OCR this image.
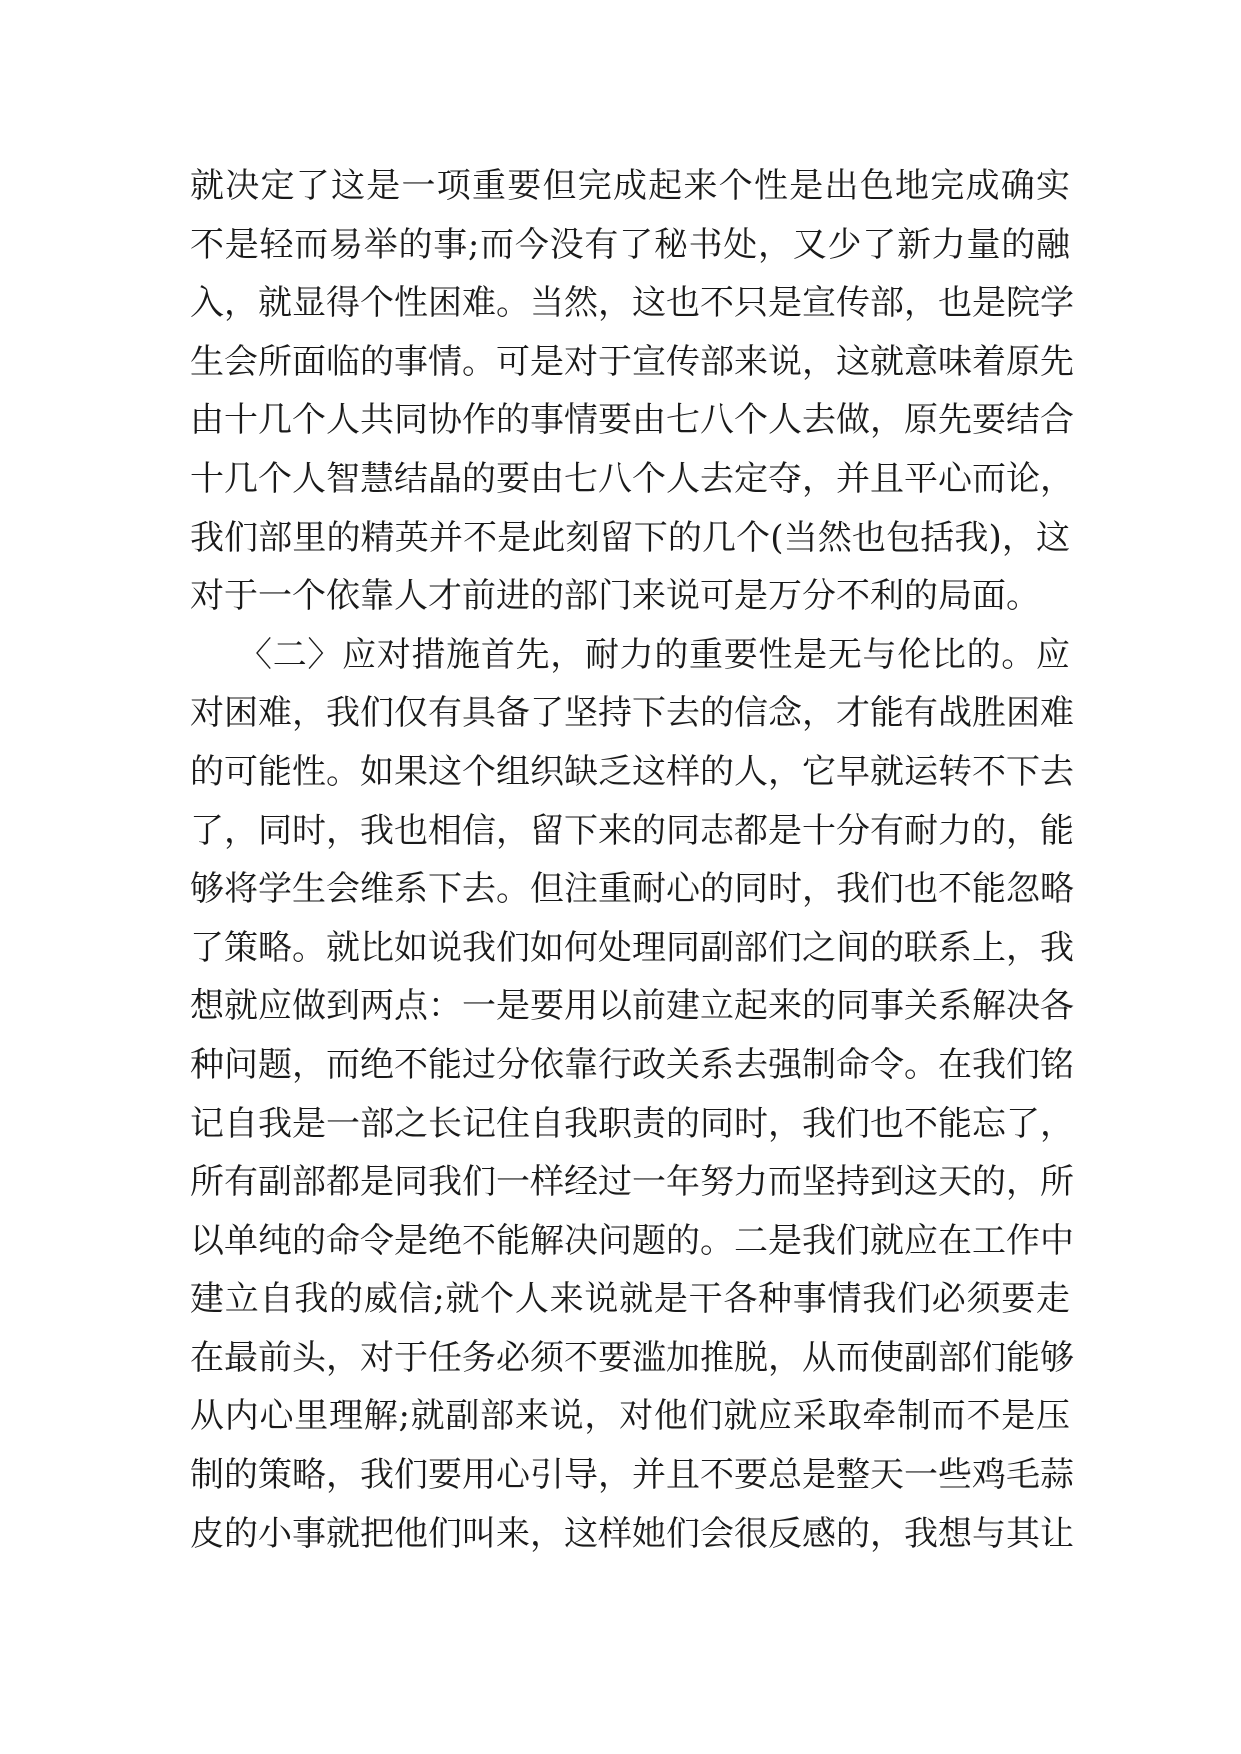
就决定了这是一项重要但完成起来个性是出色地完成确实
不是轻而易举的事;而今没有了秘书处，又少了新力量的融
入，就显得个性困难。当然，这也不只是宣传部，也是院学
生会所面临的事情。可是对于宣传部来说，这就意味着原先
由十几个人共同协作的事情要由七八个人去做，原先要结合
十几个人智慧结晶的要由七八个人去定夺，并且平心而论，
我们部里的精英并不是此刻留下的几个(当然也包括我)，这
对于一个依靠人才前进的部门来说可是万分不利的局面。
〈二〉应对措施首先，耐力的重要性是无与伦比的。应
对困难，我们仅有具备了坚持下去的信念，才能有战胜困难
的可能性。如果这个组织缺乏这样的人，它早就运转不下去
了，同时，我也相信，留下来的同志都是十分有耐力的，能
够将学生会维系下去。但注重耐心的同时，我们也不能忽略
了策略。就比如说我们如何处理同副部们之间的联系上，我
想就应做到两点：一是要用以前建立起来的同事关系解决各
种问题，而绝不能过分依靠行政关系去强制命令。在我们铭
记自我是一部之长记住自我职责的同时，我们也不能忘了，
所有副部都是同我们一样经过一年努力而坚持到这天的，所
以单纯的命令是绝不能解决问题的。二是我们就应在工作中
建立自我的威信;就个人来说就是干各种事情我们必须要走
在最前头，对于任务必须不要滥加推脱，从而使副部们能够
从内心里理解;就副部来说，对他们就应采取牵制而不是压
制的策略，我们要用心引导，并且不要总是整天一些鸡毛蒜
皮的小事就把他们叫来，这样她们会很反感的，我想与其让
